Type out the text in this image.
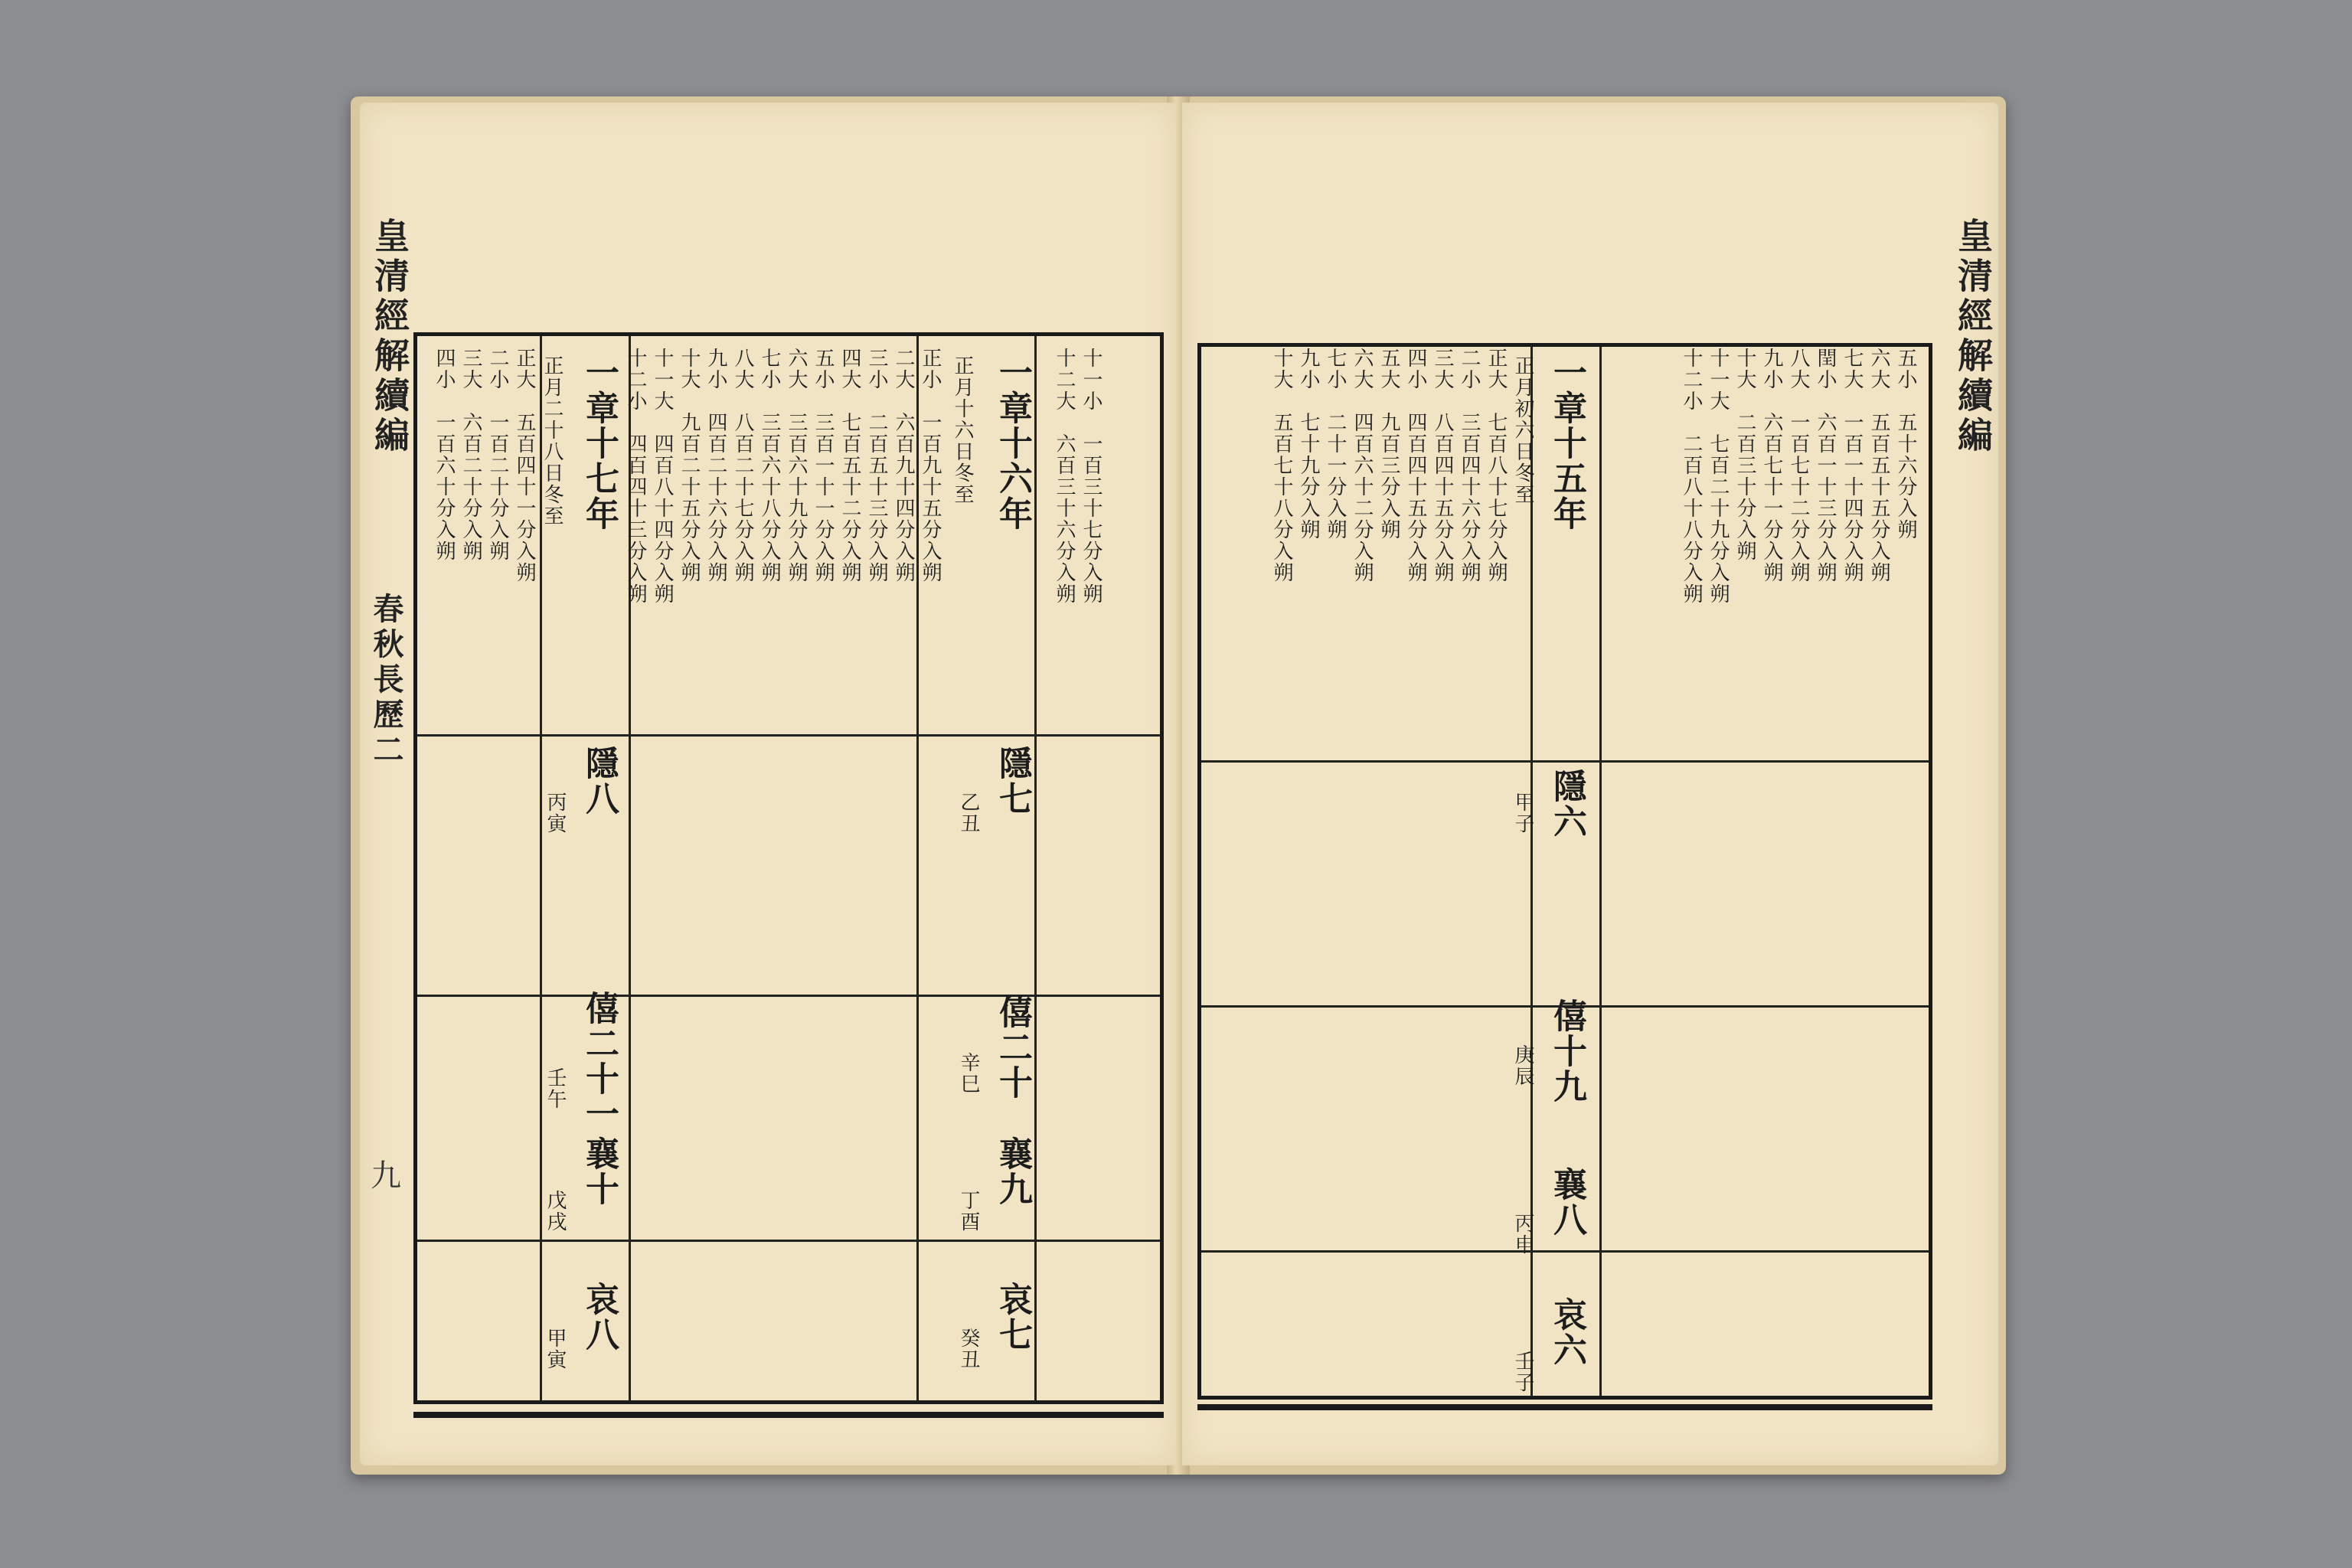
皇清經解續編
春秋長歷二
九
十一小　一百三十七分入朔
十二大　六百三十六分入朔
一章十六年
正月十六日冬至
正小　一百九十五分入朔
二大　六百九十四分入朔
三小　二百五十三分入朔
四大　七百五十二分入朔
五小　三百一十一分入朔
六大　三百六十九分入朔
七小　三百六十八分入朔
八大　八百二十七分入朔
九小　四百二十六分入朔
十大　九百二十五分入朔
十一大　四百八十四分入朔
十二小　四百四十三分入朔
一章十七年
正月二十八日冬至
正大　五百四十一分入朔
二小　一百二十分入朔
三大　六百二十分入朔
四小　一百六十分入朔
隱七
乙丑
隱八
丙寅
僖二十
辛巳
僖二十一
壬午
襄九
丁酉
襄十
戊戌
哀七
癸丑
哀八
甲寅
皇清經解續編
五小　五十六分入朔
六大　五百五十五分入朔
七大　一百一十四分入朔
閏小　六百一十三分入朔
八大　一百七十二分入朔
九小　六百七十一分入朔
十大　二百三十分入朔
十一大　七百二十九分入朔
十二小　二百八十八分入朔
一章十五年
正月初六日冬至
正大　七百八十七分入朔
二小　三百四十六分入朔
三大　八百四十五分入朔
四小　四百四十五分入朔
五大　九百三分入朔
六大　四百六十二分入朔
七小　二十一分入朔
九小　七十九分入朔
十大　五百七十八分入朔
隱六
甲子
僖十九
庚辰
襄八
丙申
哀六
壬子
